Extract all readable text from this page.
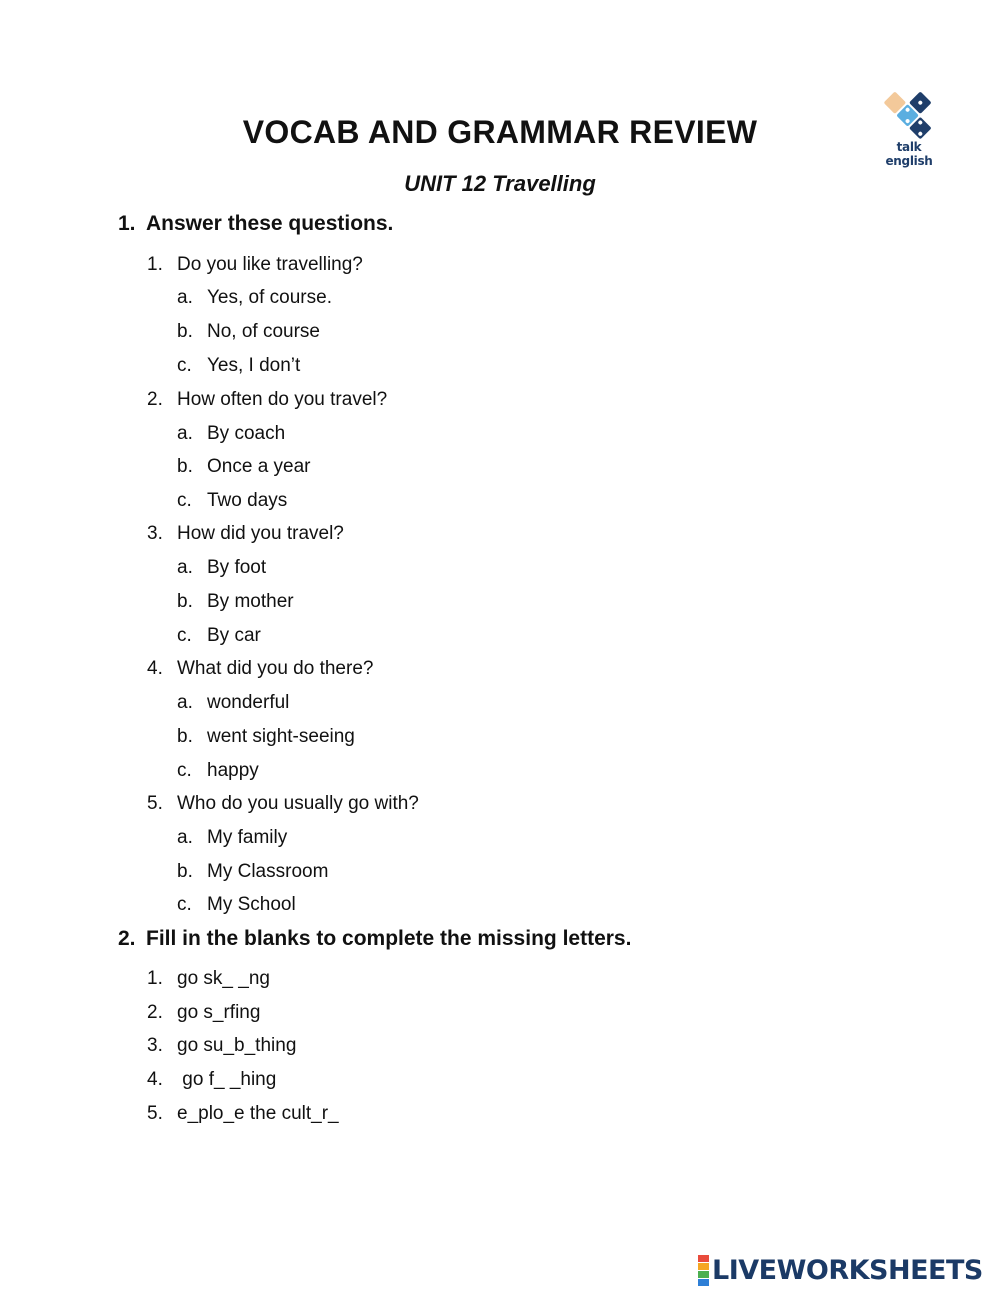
VOCAB AND GRAMMAR REVIEW
UNIT 12 Travelling
talk english
1. Answer these questions.
1. Do you like travelling?
a. Yes, of course.
b. No, of course
c. Yes, I don’t
2. How often do you travel?
a. By coach
b. Once a year
c. Two days
3. How did you travel?
a. By foot
b. By mother
c. By car
4. What did you do there?
a. wonderful
b. went sight-seeing
c. happy
5. Who do you usually go with?
a. My family
b. My Classroom
c. My School
2. Fill in the blanks to complete the missing letters.
1. go sk_ _ng
2. go s_rfing
3. go su_b_thing
4. go f_ _hing
5. e_plo_e the cult_r_
LIVEWORKSHEETS
